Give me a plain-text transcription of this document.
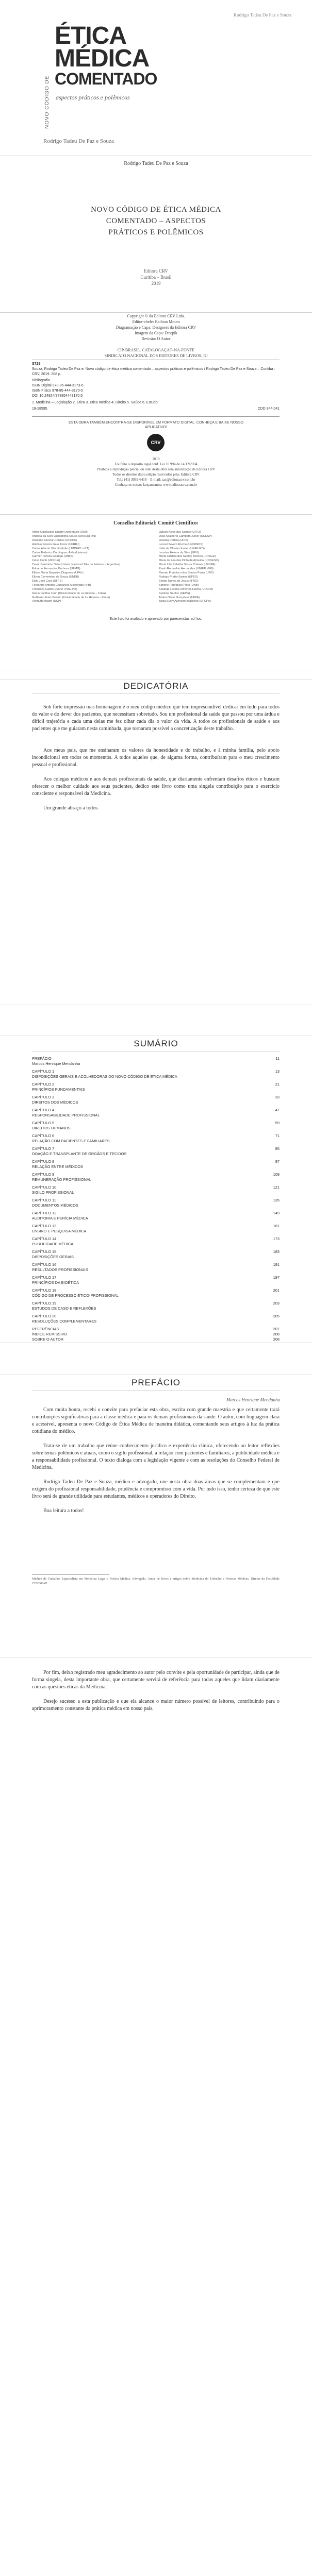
Rodrigo Tadeu De Paz e Souza
NOVO CÓDIGO DE
ÉTICA
MÉDICA
COMENTADO
aspectos práticos e polêmicos
Rodrigo Tadeu De Paz e Souza
Rodrigo Tadeu De Paz e Souza
NOVO CÓDIGO DE ÉTICA MÉDICA
COMENTADO – ASPECTOS
PRÁTICOS E POLÊMICOS
Editora CRV
Curitiba – Brasil
2019
Copyright © da Editora CRV Ltda.
Editor-chefe: Railson Moura
Diagramação e Capa: Designers da Editora CRV
Imagem da Capa: Freepik
Revisão: O Autor
CIP-BRASIL. CATALOGAÇÃO-NA-FONTE
SINDICATO NACIONAL DOS EDITORES DE LIVROS, RJ
S729
Souza, Rodrigo Tadeu De Paz e. Novo código de ética médica comentado – aspectos práticos e polêmicos / Rodrigo Tadeu De Paz e Souza – Curitiba : CRV, 2019. 208 p.
Bibliografia
ISBN Digital 978-85-444-3173-6
ISBN Físico 978-85-444-3170-5
DOI 10.24824/978854443170.5
1. Medicina – Legislação 2. Ética 3. Ética médica 4. Direito 5. Saúde 6. Estudo
19-28595	CDD 344.041
ESTA OBRA TAMBÉM ENCONTRA-SE DISPONÍVEL EM FORMATO DIGITAL. CONHEÇA E BAIXE NOSSO APLICATIVO!
CRV
2019
Foi feito o depósito legal conf. Lei 10.994 de 14/12/2004
Proibida a reprodução parcial ou total desta obra sem autorização da Editora CRV
Todos os direitos desta edição reservados pela: Editora CRV
Tel.: (41) 3039-6418 – E-mail: sac@editoracrv.com.br
Conheça os nossos lançamentos: www.editoracrv.com.br
Conselho Editorial: Comitê Científico:
Aldira Guimarães Duarte Domínguez (UNB)
Andréia da Silva Quintanilha Sousa (UNIR/UFRN)
Anselmo Alencar Colares (UFOPA)
Antônio Pereira Gaio Júnior (UFRRJ)
Carlos Alberto Vilar Estêvão (UMINHO – PT)
Carlos Federico Dominguez Avila (Unieuro)
Carmen Tereza Velanga (UNIR)
Celso Conti (UFSCar)
Cesar Gerónimo Tello (Univer. Nacional Três de Febrero – Argentina)
Eduardo Fernandes Barbosa (UFMG)
Elione Maria Nogueira Diogenes (UFAL)
Elizeu Clementino de Souza (UNEB)
Élsio José Corá (UFFS)
Fernando Antônio Gonçalves Alcoforado (IPB)
Francisco Carlos Duarte (PUC-PR)
Gloria Fariñas León (Universidade de La Havana – Cuba)
Guillermo Arias Beatón (Universidade de La Havana – Cuba)
Helmuth Krüger (UCP)
Jailson Alves dos Santos (UFRJ)
João Adalberto Campato Junior (UNESP)
Josania Portela (UFPI)
Leonel Severo Rocha (UNISINOS)
Lídia de Oliveira Xavier (UNIEURO)
Lourdes Helena da Silva (UFV)
Maria Cristina dos Santos Bezerra (UFSCar)
Maria de Lourdes Pinto de Almeida (UNOESC)
Maria Lília Imbiriba Sousa Colares (UFOPA)
Paulo Romualdo Hernandes (UNIFAL-MG)
Renato Francisco dos Santos Paula (UFG)
Rodrigo Pratte-Santos (UFES)
Sérgio Nunes de Jesus (IFRO)
Simone Rodrigues Pinto (UNB)
Solange Helena Ximenes-Rocha (UFOPA)
Sydione Santos (UEPG)
Tadeu Oliver Gonçalves (UFPA)
Tania Suely Azevedo Brasileiro (UFOPA)
Este livro foi avaliado e aprovado por pareceristas ad hoc.
DEDICATÓRIA
Sob forte impressão mas homenagem é o meu código médico que tem imprescindível dedicar em tudo para todos do valor e do dever dos pacientes, que necessitam sobretudo. Sou um profissional da saúde que passou por uma árdua e difícil trajetória e cada uma delas me fez olhar cada dia o valor da vida. A todos os profissionais de saúde e aos pacientes que me guiaram nesta caminhada, que tornaram possível a concretização deste trabalho.
Aos meus pais, que me ensinaram os valores da honestidade e do trabalho, e à minha família, pelo apoio incondicional em todos os momentos. A todos aqueles que, de alguma forma, contribuíram para o meu crescimento pessoal e profissional.
Aos colegas médicos e aos demais profissionais da saúde, que diariamente enfrentam desafios éticos e buscam oferecer o melhor cuidado aos seus pacientes, dedico este livro como uma singela contribuição para o exercício consciente e responsável da Medicina.
Um grande abraço a todos.
SUMÁRIO
PREFÁCIO	11
Marcos Henrique Mendanha
CAPÍTULO 1	13
DISPOSIÇÕES GERAIS E ACOLHEDORAS DO NOVO CÓDIGO DE ÉTICA MÉDICA
CAPÍTULO 2	21
PRINCÍPIOS FUNDAMENTAIS
CAPÍTULO 3	33
DIREITOS DOS MÉDICOS
CAPÍTULO 4	47
RESPONSABILIDADE PROFISSIONAL
CAPÍTULO 5	59
DIREITOS HUMANOS
CAPÍTULO 6	71
RELAÇÃO COM PACIENTES E FAMILIARES
CAPÍTULO 7	85
DOAÇÃO E TRANSPLANTE DE ÓRGÃOS E TECIDOS
CAPÍTULO 8	97
RELAÇÃO ENTRE MÉDICOS
CAPÍTULO 9	109
REMUNERAÇÃO PROFISSIONAL
CAPÍTULO 10	121
SIGILO PROFISSIONAL
CAPÍTULO 11	135
DOCUMENTOS MÉDICOS
CAPÍTULO 12	149
AUDITORIA E PERÍCIA MÉDICA
CAPÍTULO 13	161
ENSINO E PESQUISA MÉDICA
CAPÍTULO 14	173
PUBLICIDADE MÉDICA
CAPÍTULO 15	183
DISPOSIÇÕES GERAIS
CAPÍTULO 16	191
RESULTADOS PROFISSIONAIS
CAPÍTULO 17	197
PRINCÍPIOS DA BIOÉTICA
CAPÍTULO 18	201
CÓDIGO DE PROCESSO ÉTICO-PROFISSIONAL
CAPÍTULO 19	203
ESTUDOS DE CASO E REFLEXÕES
CAPÍTULO 20	205
RESOLUÇÕES COMPLEMENTARES
REFERÊNCIAS	207
ÍNDICE REMISSIVO	208
SOBRE O AUTOR	208
PREFÁCIO
Marcos Henrique Mendanha
Com muita honra, recebi o convite para prefaciar esta obra, escrita com grande maestria e que certamente trará contribuições significativas para a classe médica e para os demais profissionais da saúde. O autor, com linguagem clara e acessível, apresenta o novo Código de Ética Médica de maneira didática, comentando seus artigos à luz da prática cotidiana do médico.
Trata-se de um trabalho que reúne conhecimento jurídico e experiência clínica, oferecendo ao leitor reflexões sobre temas polêmicos e atuais, como o sigilo profissional, a relação com pacientes e familiares, a publicidade médica e a responsabilidade profissional. O texto dialoga com a legislação vigente e com as resoluções do Conselho Federal de Medicina.
Rodrigo Tadeu De Paz e Souza, médico e advogado, une nesta obra duas áreas que se complementam e que exigem do profissional responsabilidade, prudência e compromisso com a vida. Por tudo isso, tenho certeza de que este livro será de grande utilidade para estudantes, médicos e operadores do Direito.
Boa leitura a todos!
Médico do Trabalho. Especialista em Medicina Legal e Perícia Médica. Advogado. Autor de livros e artigos sobre Medicina do Trabalho e Perícias Médicas. Diretor da Faculdade CENBRAP.
Por fim, deixo registrado meu agradecimento ao autor pelo convite e pela oportunidade de participar, ainda que de forma singela, desta importante obra, que certamente servirá de referência para todos aqueles que lidam diariamente com as questões éticas da Medicina.
Desejo sucesso a esta publicação e que ela alcance o maior número possível de leitores, contribuindo para o aprimoramento constante da prática médica em nosso país.
